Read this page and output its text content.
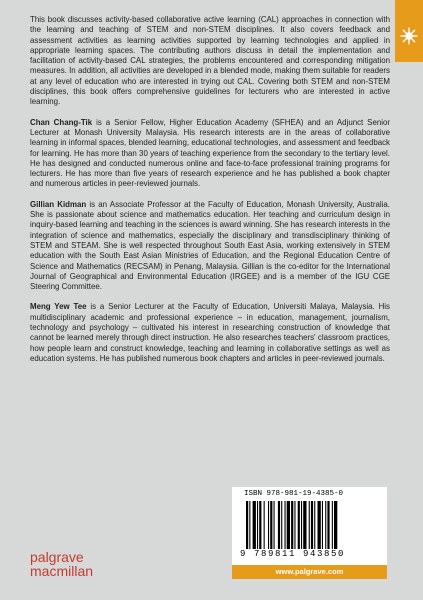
This book discusses activity-based collaborative active learning (CAL) approaches in connection with the learning and teaching of STEM and non-STEM disciplines. It also covers feedback and assessment activities as learning activities supported by learning technologies and applied in appropriate learning spaces. The contributing authors discuss in detail the implementation and facilitation of activity-based CAL strategies, the problems encountered and corresponding mitigation measures. In addition, all activities are developed in a blended mode, making them suitable for readers at any level of education who are interested in trying out CAL. Covering both STEM and non-STEM disciplines, this book offers comprehensive guidelines for lecturers who are interested in active learning.

Chan Chang-Tik is a Senior Fellow, Higher Education Academy (SFHEA) and an Adjunct Senior Lecturer at Monash University Malaysia. His research interests are in the areas of collaborative learning in informal spaces, blended learning, educational technologies, and assessment and feedback for learning. He has more than 30 years of teaching experience from the secondary to the tertiary level. He has designed and conducted numerous online and face-to-face professional training programs for lecturers. He has more than five years of research experience and he has published a book chapter and numerous articles in peer-reviewed journals.

Gillian Kidman is an Associate Professor at the Faculty of Education, Monash University, Australia. She is passionate about science and mathematics education. Her teaching and curriculum design in inquiry-based learning and teaching in the sciences is award winning. She has research interests in the integration of science and mathematics, especially the disciplinary and transdisciplinary thinking of STEM and STEAM. She is well respected throughout South East Asia, working extensively in STEM education with the South East Asian Ministries of Education, and the Regional Education Centre of Science and Mathematics (RECSAM) in Penang, Malaysia. Gillian is the co-editor for the International Journal of Geographical and Environmental Education (IRGEE) and is a member of the IGU CGE Steering Committee.

Meng Yew Tee is a Senior Lecturer at the Faculty of Education, Universiti Malaya, Malaysia. His multidisciplinary academic and professional experience – in education, management, journalism, technology and psychology – cultivated his interest in researching construction of knowledge that cannot be learned merely through direct instruction. He also researches teachers' classroom practices, how people learn and construct knowledge, teaching and learning in collaborative settings as well as education systems. He has published numerous book chapters and articles in peer-reviewed journals.

ISBN 978-981-19-4385-0
9 789811 943850
www.palgrave.com
palgrave
macmillan
